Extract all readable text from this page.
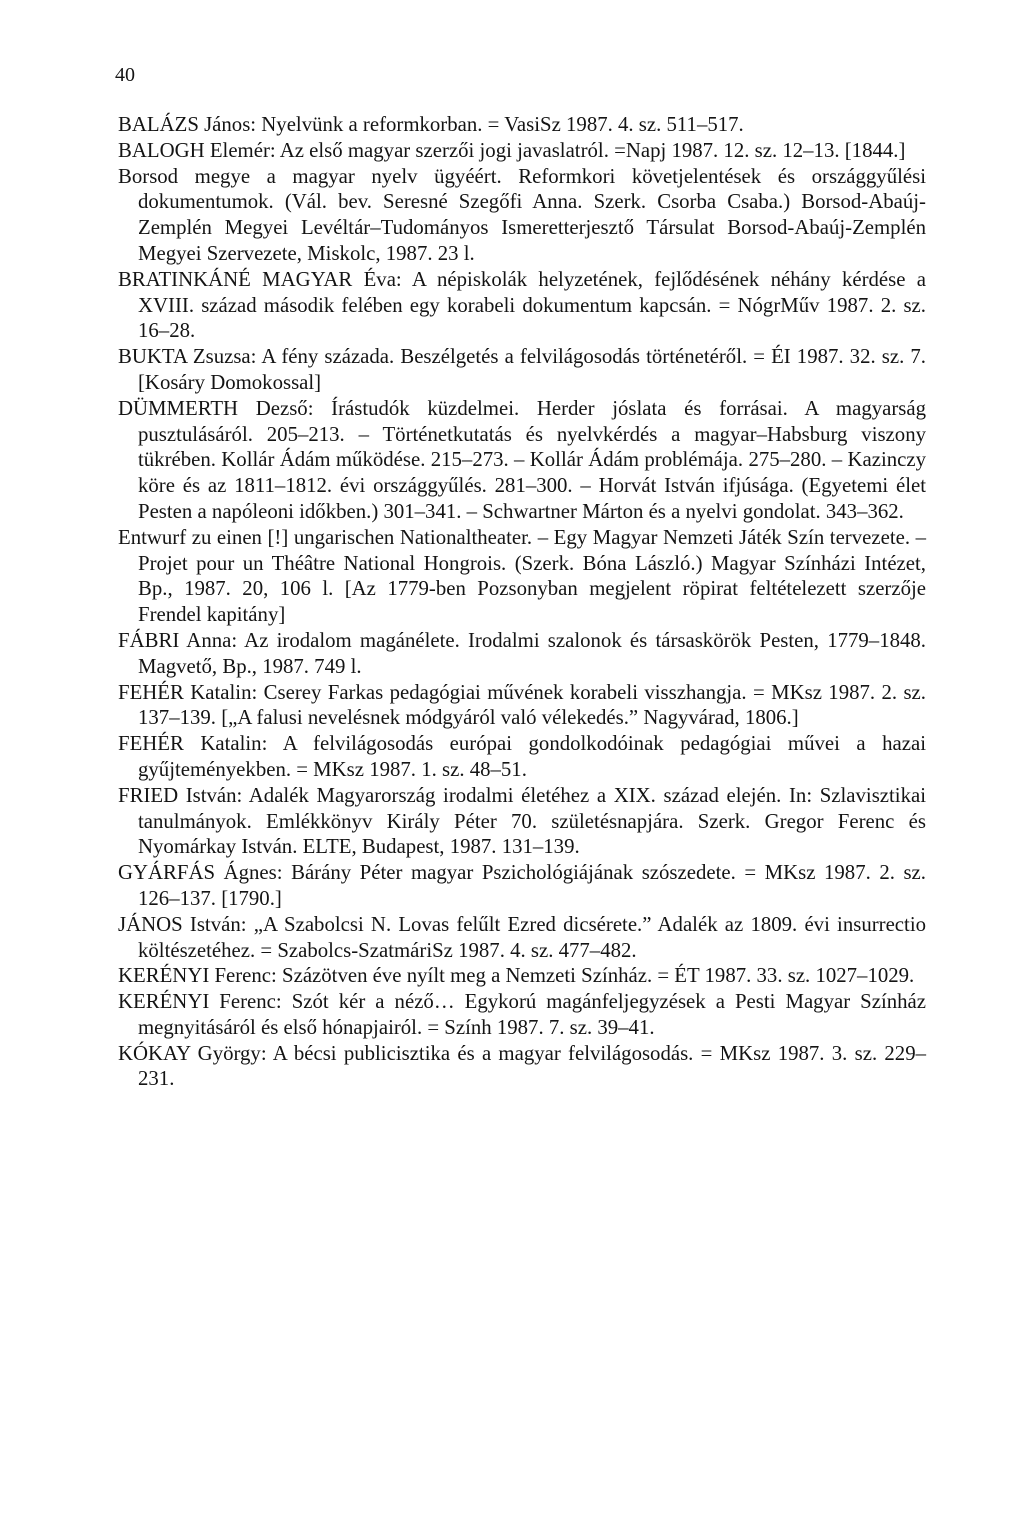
40

BALÁZS János: Nyelvünk a reformkorban. = VasiSz 1987. 4. sz. 511–517.

BALOGH Elemér: Az első magyar szerzői jogi javaslatról. =Napj 1987. 12. sz. 12–13. [1844.]

Borsod megye a magyar nyelv ügyéért. Reformkori követjelentések és országgyűlési dokumentumok. (Vál. bev. Seresné Szegőfi Anna. Szerk. Csorba Csaba.) Borsod-Abaúj-Zemplén Megyei Levéltár–Tudományos Ismeretterjesztő Társulat Borsod-Abaúj-Zemplén Megyei Szervezete, Miskolc, 1987. 23 l.

BRATINKÁNÉ MAGYAR Éva: A népiskolák helyzetének, fejlődésének néhány kérdése a XVIII. század második felében egy korabeli dokumentum kapcsán. = NógrMűv 1987. 2. sz. 16–28.

BUKTA Zsuzsa: A fény százada. Beszélgetés a felvilágosodás történetéről. = ÉI 1987. 32. sz. 7. [Kosáry Domokossal]

DÜMMERTH Dezső: Írástudók küzdelmei. Herder jóslata és forrásai. A magyarság pusztulásáról. 205–213. – Történetkutatás és nyelvkérdés a magyar–Habsburg viszony tükrében. Kollár Ádám működése. 215–273. – Kollár Ádám problémája. 275–280. – Kazinczy köre és az 1811–1812. évi országgyűlés. 281–300. – Horvát István ifjúsága. (Egyetemi élet Pesten a napóleoni időkben.) 301–341. – Schwartner Márton és a nyelvi gondolat. 343–362.

Entwurf zu einen [!] ungarischen Nationaltheater. – Egy Magyar Nemzeti Játék Szín tervezete. – Projet pour un Théâtre National Hongrois. (Szerk. Bóna László.) Magyar Színházi Intézet, Bp., 1987. 20, 106 l. [Az 1779-ben Pozsonyban megjelent röpirat feltételezett szerzője Frendel kapitány]

FÁBRI Anna: Az irodalom magánélete. Irodalmi szalonok és társaskörök Pesten, 1779–1848. Magvető, Bp., 1987. 749 l.

FEHÉR Katalin: Cserey Farkas pedagógiai művének korabeli visszhangja. = MKsz 1987. 2. sz. 137–139. [„A falusi nevelésnek módgyáról való vélekedés.” Nagyvárad, 1806.]

FEHÉR Katalin: A felvilágosodás európai gondolkodóinak pedagógiai művei a hazai gyűjteményekben. = MKsz 1987. 1. sz. 48–51.

FRIED István: Adalék Magyarország irodalmi életéhez a XIX. század elején. In: Szlavisztikai tanulmányok. Emlékkönyv Király Péter 70. születésnapjára. Szerk. Gregor Ferenc és Nyomárkay István. ELTE, Budapest, 1987. 131–139.

GYÁRFÁS Ágnes: Bárány Péter magyar Pszichológiájának szószedete. = MKsz 1987. 2. sz. 126–137. [1790.]

JÁNOS István: „A Szabolcsi N. Lovas felűlt Ezred dicsérete.” Adalék az 1809. évi insurrectio költészetéhez. = Szabolcs-SzatmáriSz 1987. 4. sz. 477–482.

KERÉNYI Ferenc: Százötven éve nyílt meg a Nemzeti Színház. = ÉT 1987. 33. sz. 1027–1029.

KERÉNYI Ferenc: Szót kér a néző… Egykorú magánfeljegyzések a Pesti Magyar Színház megnyitásáról és első hónapjairól. = Szính 1987. 7. sz. 39–41.

KÓKAY György: A bécsi publicisztika és a magyar felvilágosodás. = MKsz 1987. 3. sz. 229–231.
